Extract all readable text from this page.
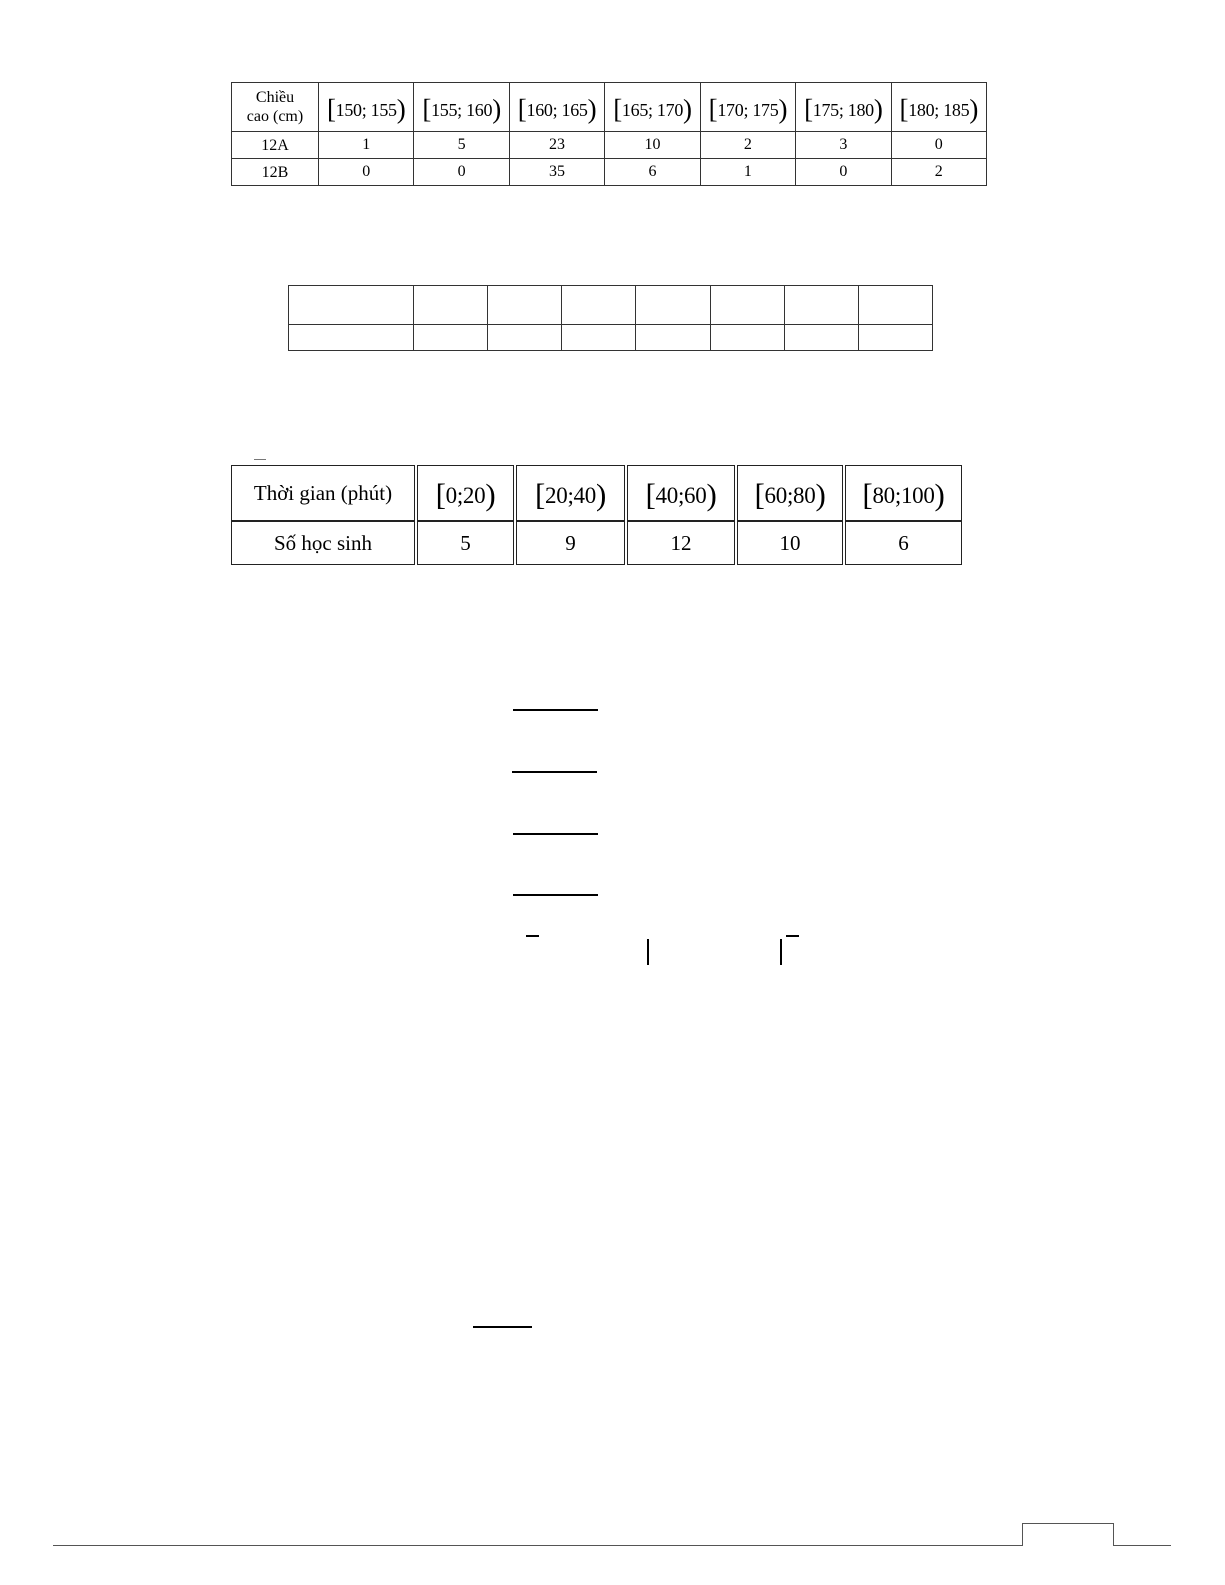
Chiều
cao (cm)	[150; 155)	[155; 160)	[160; 165)	[165; 170)	[170; 175)	[175; 180)	[180; 185)
12A	1	5	23	10	2	3	0
12B	0	0	35	6	1	0	2

Thời gian (phút)	[0;20)	[20;40)	[40;60)	[60;80)	[80;100)
Số học sinh	5	9	12	10	6
